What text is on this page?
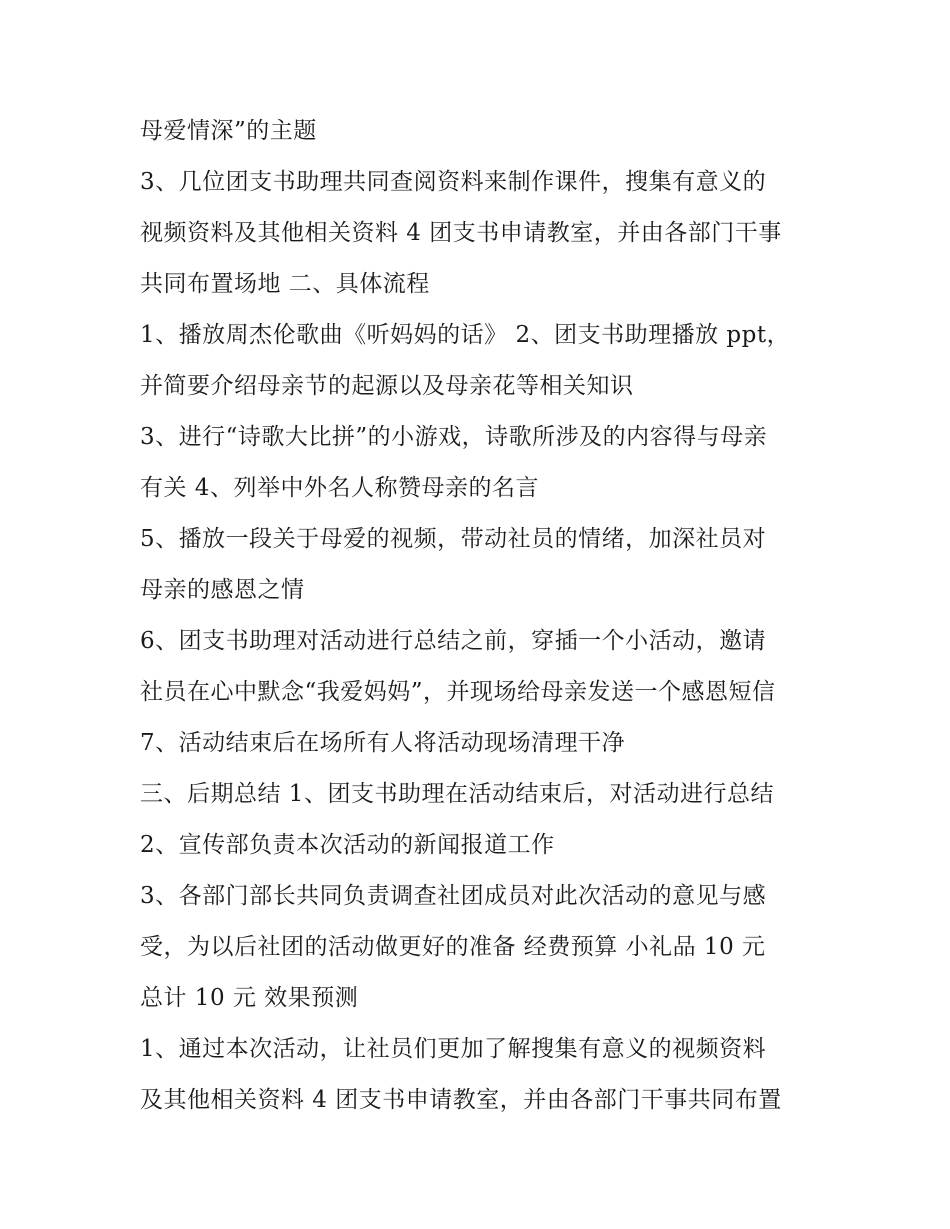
母爱情深”的主题
3、几位团支书助理共同查阅资料来制作课件，搜集有意义的
视频资料及其他相关资料 4 团支书申请教室，并由各部门干事
共同布置场地 二、具体流程
1、播放周杰伦歌曲《听妈妈的话》 2、团支书助理播放 ppt，
并简要介绍母亲节的起源以及母亲花等相关知识
3、进行“诗歌大比拼”的小游戏，诗歌所涉及的内容得与母亲
有关 4、列举中外名人称赞母亲的名言
5、播放一段关于母爱的视频，带动社员的情绪，加深社员对
母亲的感恩之情
6、团支书助理对活动进行总结之前，穿插一个小活动，邀请
社员在心中默念“我爱妈妈”，并现场给母亲发送一个感恩短信
7、活动结束后在场所有人将活动现场清理干净
三、后期总结 1、团支书助理在活动结束后，对活动进行总结
2、宣传部负责本次活动的新闻报道工作
3、各部门部长共同负责调查社团成员对此次活动的意见与感
受，为以后社团的活动做更好的准备 经费预算 小礼品 10 元
总计 10 元 效果预测
1、通过本次活动，让社员们更加了解搜集有意义的视频资料
及其他相关资料 4 团支书申请教室，并由各部门干事共同布置
